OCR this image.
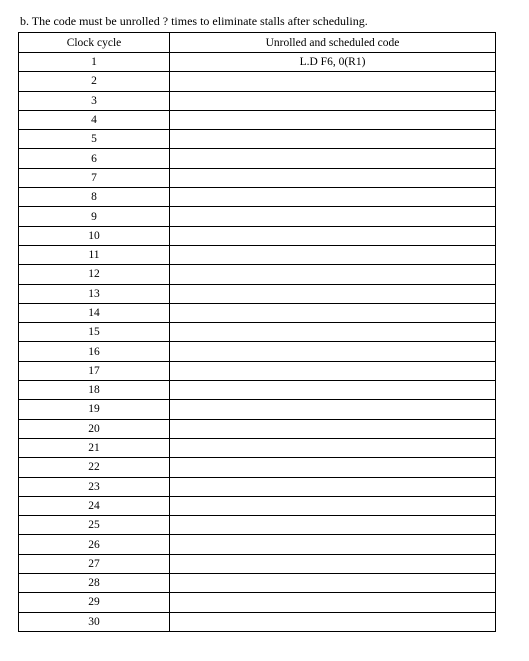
b. The code must be unrolled ? times to eliminate stalls after scheduling.
Clock cycle	Unrolled and scheduled code
1	L.D F6, 0(R1)
2	
3	
4	
5	
6	
7	
8	
9	
10	
11	
12	
13	
14	
15	
16	
17	
18	
19	
20	
21	
22	
23	
24	
25	
26	
27	
28	
29	
30	
